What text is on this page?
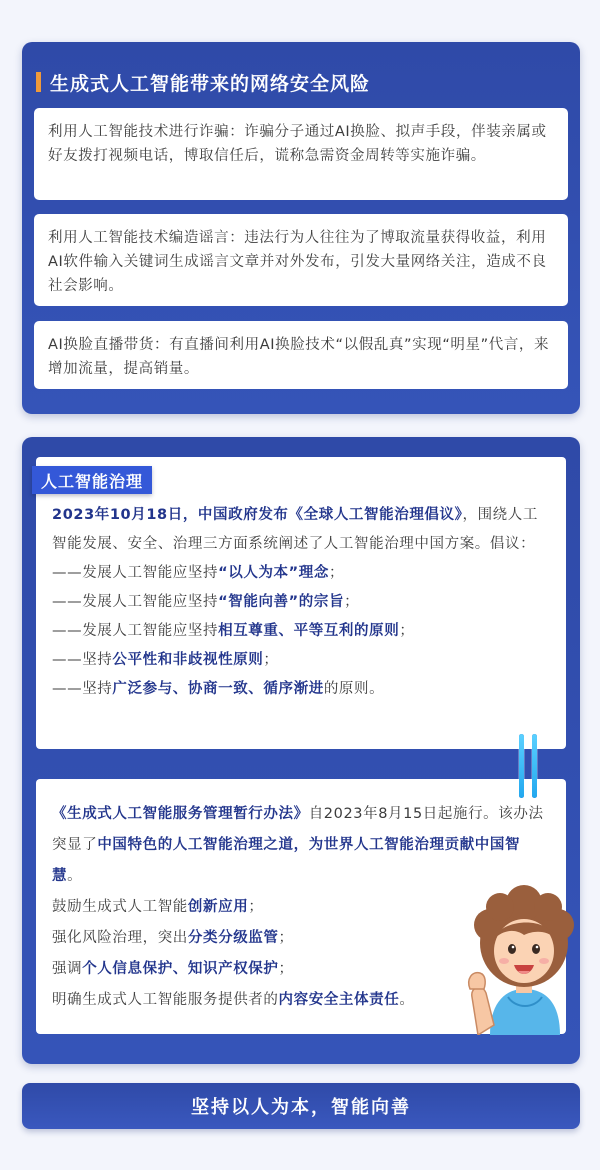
生成式人工智能带来的网络安全风险
利用人工智能技术进行诈骗：诈骗分子通过AI换脸、拟声手段，伴装亲属或好友拨打视频电话，博取信任后，谎称急需资金周转等实施诈骗。
利用人工智能技术编造谣言：违法行为人往往为了博取流量获得收益，利用AI软件输入关键词生成谣言文章并对外发布，引发大量网络关注，造成不良社会影响。
AI换脸直播带货：有直播间利用AI换脸技术“以假乱真”实现“明星”代言，来增加流量，提高销量。
2023年10月18日，中国政府发布《全球人工智能治理倡议》，围绕人工智能发展、安全、治理三方面系统阐述了人工智能治理中国方案。倡议：
——发展人工智能应坚持“以人为本”理念；
——发展人工智能应坚持“智能向善”的宗旨；
——发展人工智能应坚持相互尊重、平等互利的原则；
——坚持公平性和非歧视性原则；
——坚持广泛参与、协商一致、循序渐进的原则。
《生成式人工智能服务管理暂行办法》自2023年8月15日起施行。该办法突显了中国特色的人工智能治理之道，为世界人工智能治理贡献中国智慧。
鼓励生成式人工智能创新应用；
强化风险治理，突出分类分级监管；
强调个人信息保护、知识产权保护；
明确生成式人工智能服务提供者的内容安全主体责任。
人工智能治理
坚持以人为本，智能向善
